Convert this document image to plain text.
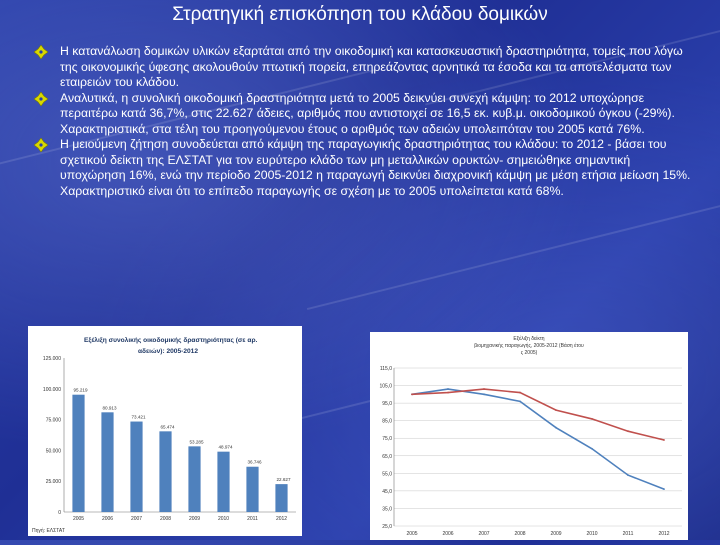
Στρατηγική επισκόπηση του κλάδου δομικών
Η κατανάλωση δομικών υλικών εξαρτάται από την οικοδομική και κατασκευαστική δραστηριότητα, τομείς που λόγω της οικονομικής ύφεσης ακολουθούν πτωτική πορεία, επηρεάζοντας αρνητικά τα έσοδα και τα αποτελέσματα των εταιρειών του κλάδου.
Αναλυτικά, η συνολική οικοδομική δραστηριότητα μετά το 2005 δεικνύει συνεχή κάμψη: το 2012 υποχώρησε περαιτέρω κατά 36,7%, στις 22.627 άδειες, αριθμός που αντιστοιχεί σε 16,5 εκ. κυβ.μ. οικοδομικού όγκου (-29%). Χαρακτηριστικά, στα τέλη του προηγούμενου έτους ο αριθμός των αδειών υπολειπόταν του 2005 κατά 76%.
Η μειούμενη ζήτηση συνοδεύεται από κάμψη της παραγωγικής δραστηριότητας του κλάδου: το 2012 - βάσει του σχετικού δείκτη της ΕΛΣΤΑΤ για τον ευρύτερο κλάδο των μη μεταλλικών ορυκτών- σημειώθηκε σημαντική υποχώρηση 16%, ενώ την περίοδο 2005-2012 η παραγωγή δεικνύει διαχρονική κάμψη με μέση ετήσια μείωση 15%. Χαρακτηριστικό είναι ότι το επίπεδο παραγωγής σε σχέση με το 2005 υπολείπεται κατά 68%.
Εξέλιξη συνολικής οικοδομικής δραστηριότητας (σε αρ.
αδειών): 2005-2012
125.000
100.000
75.000
50.000
25.000
0
95.219
2005
80.913
2006
73.421
2007
65.474
2008
53.285
2009
48.974
2010
36.746
2011
22.627
2012
Πηγή: ΕΛΣΤΑΤ
Εξέλιξη δείκτη
βιομηχανικής παραγωγής, 2005-2012 (Βάση έτου
ς 2005)
115,0
105,0
95,0
85,0
75,0
65,0
55,0
45,0
35,0
25,0
2005	2006	2007	2008	2009	2010	2011	2012
